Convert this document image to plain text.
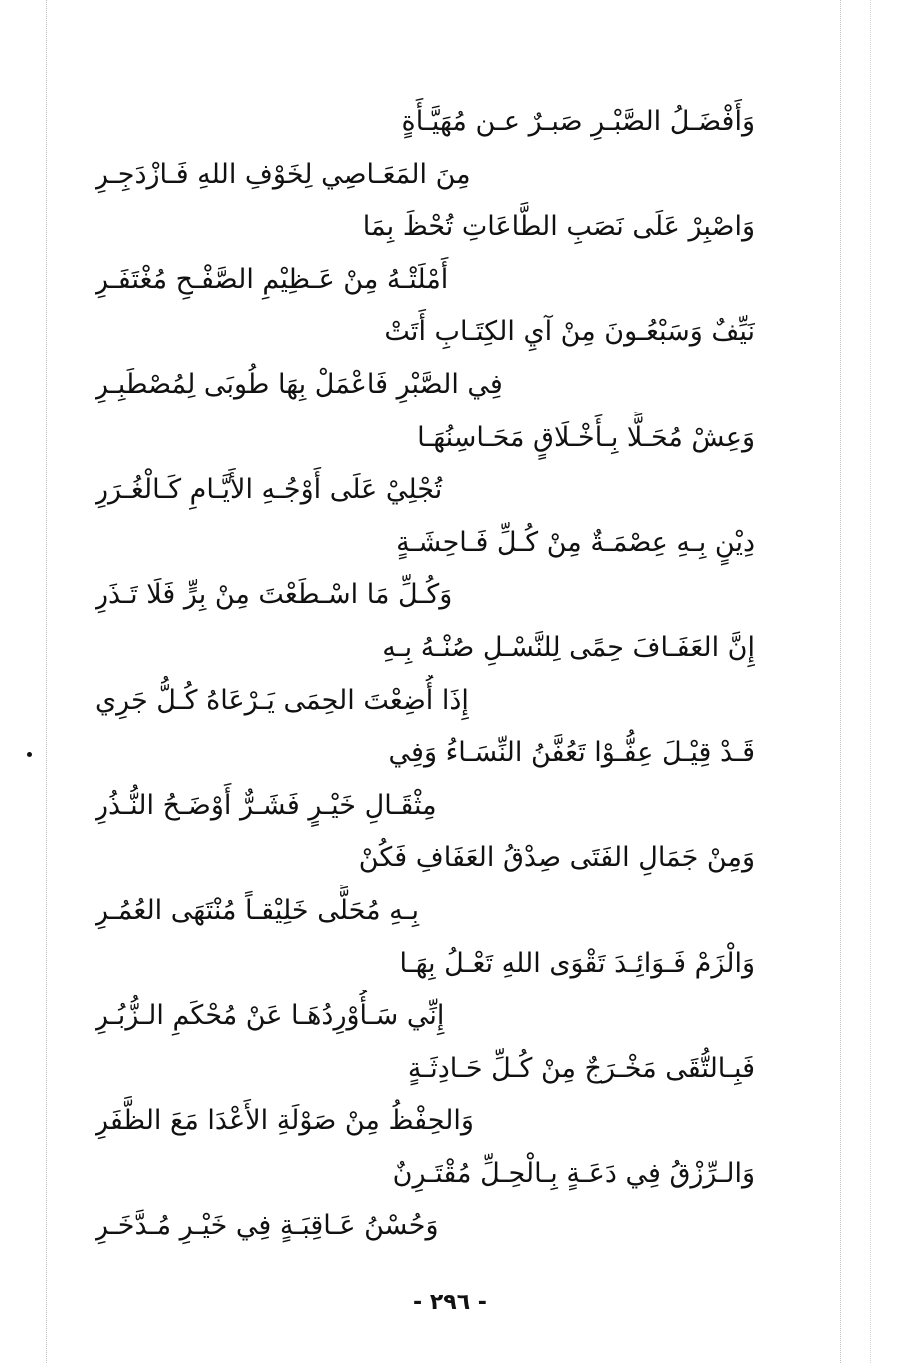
وَأَفْضَـلُ الصَّبْـرِ صَبـرٌ عـن مُهَيَّـأَةٍ
مِنَ المَعَـاصِي لِخَوْفِ اللهِ فَـازْدَجِـرِ
وَاصْبِرْ عَلَى نَصَبِ الطَّاعَاتِ تُحْظَ بِمَا
أَمْلَتْـهُ مِنْ عَـظِيْمِ الصَّفْـحِ مُغْتَفَـرِ
نَيِّفٌ وَسَبْعُـونَ مِنْ آيِ الكِتَـابِ أَتَتْ
فِي الصَّبْرِ فَاعْمَلْ بِهَا طُوبَى لِمُصْطَبِـرِ
وَعِشْ مُحَـلًّا بِـأَخْـلَاقٍ مَحَـاسِنُهَـا
تُجْلِيْ عَلَى أَوْجُـهِ الأَيَّـامِ كَـالْغُـرَرِ
دِيْنٍ بِـهِ عِصْمَـةٌ مِنْ كُـلِّ فَـاحِشَـةٍ
وَكُـلِّ مَا اسْـطَعْتَ مِنْ بِرٍّ فَلَا تَـذَرِ
إِنَّ العَفَـافَ حِمًى لِلنَّسْـلِ صُنْـهُ بِـهِ
إِذَا أُضِعْتَ الحِمَى يَـرْعَاهُ كُـلُّ جَرِي
قَـدْ قِيْـلَ عِفُّـوْا تَعُفَّنُ النِّسَـاءُ وَفِي
مِثْقَـالِ خَيْـرٍ فَشَـرٌّ أَوْضَـحُ النُّـذُرِ
وَمِنْ جَمَالِ الفَتَى صِدْقُ العَفَافِ فَكُنْ
بِـهِ مُحَلًّى خَلِيْقـاً مُنْتَهَى العُمُـرِ
وَالْزَمْ فَـوَائِـدَ تَقْوَى اللهِ تَعْـلُ بِهَـا
إِنِّي سَـأُوْرِدُهَـا عَنْ مُحْكَمِ الـزُّبُـرِ
فَبِـالتُّقَى مَخْـرَجٌ مِنْ كُـلِّ حَـادِثَـةٍ
وَالحِفْظُ مِنْ صَوْلَةِ الأَعْدَا مَعَ الظَّفَرِ
وَالـرِّزْقُ فِي دَعَـةٍ بِـالْحِـلِّ مُقْتَـرِنٌ
وَحُسْنُ عَـاقِبَـةٍ فِي خَيْـرِ مُـدَّخَـرِ
- ٢٩٦ -
